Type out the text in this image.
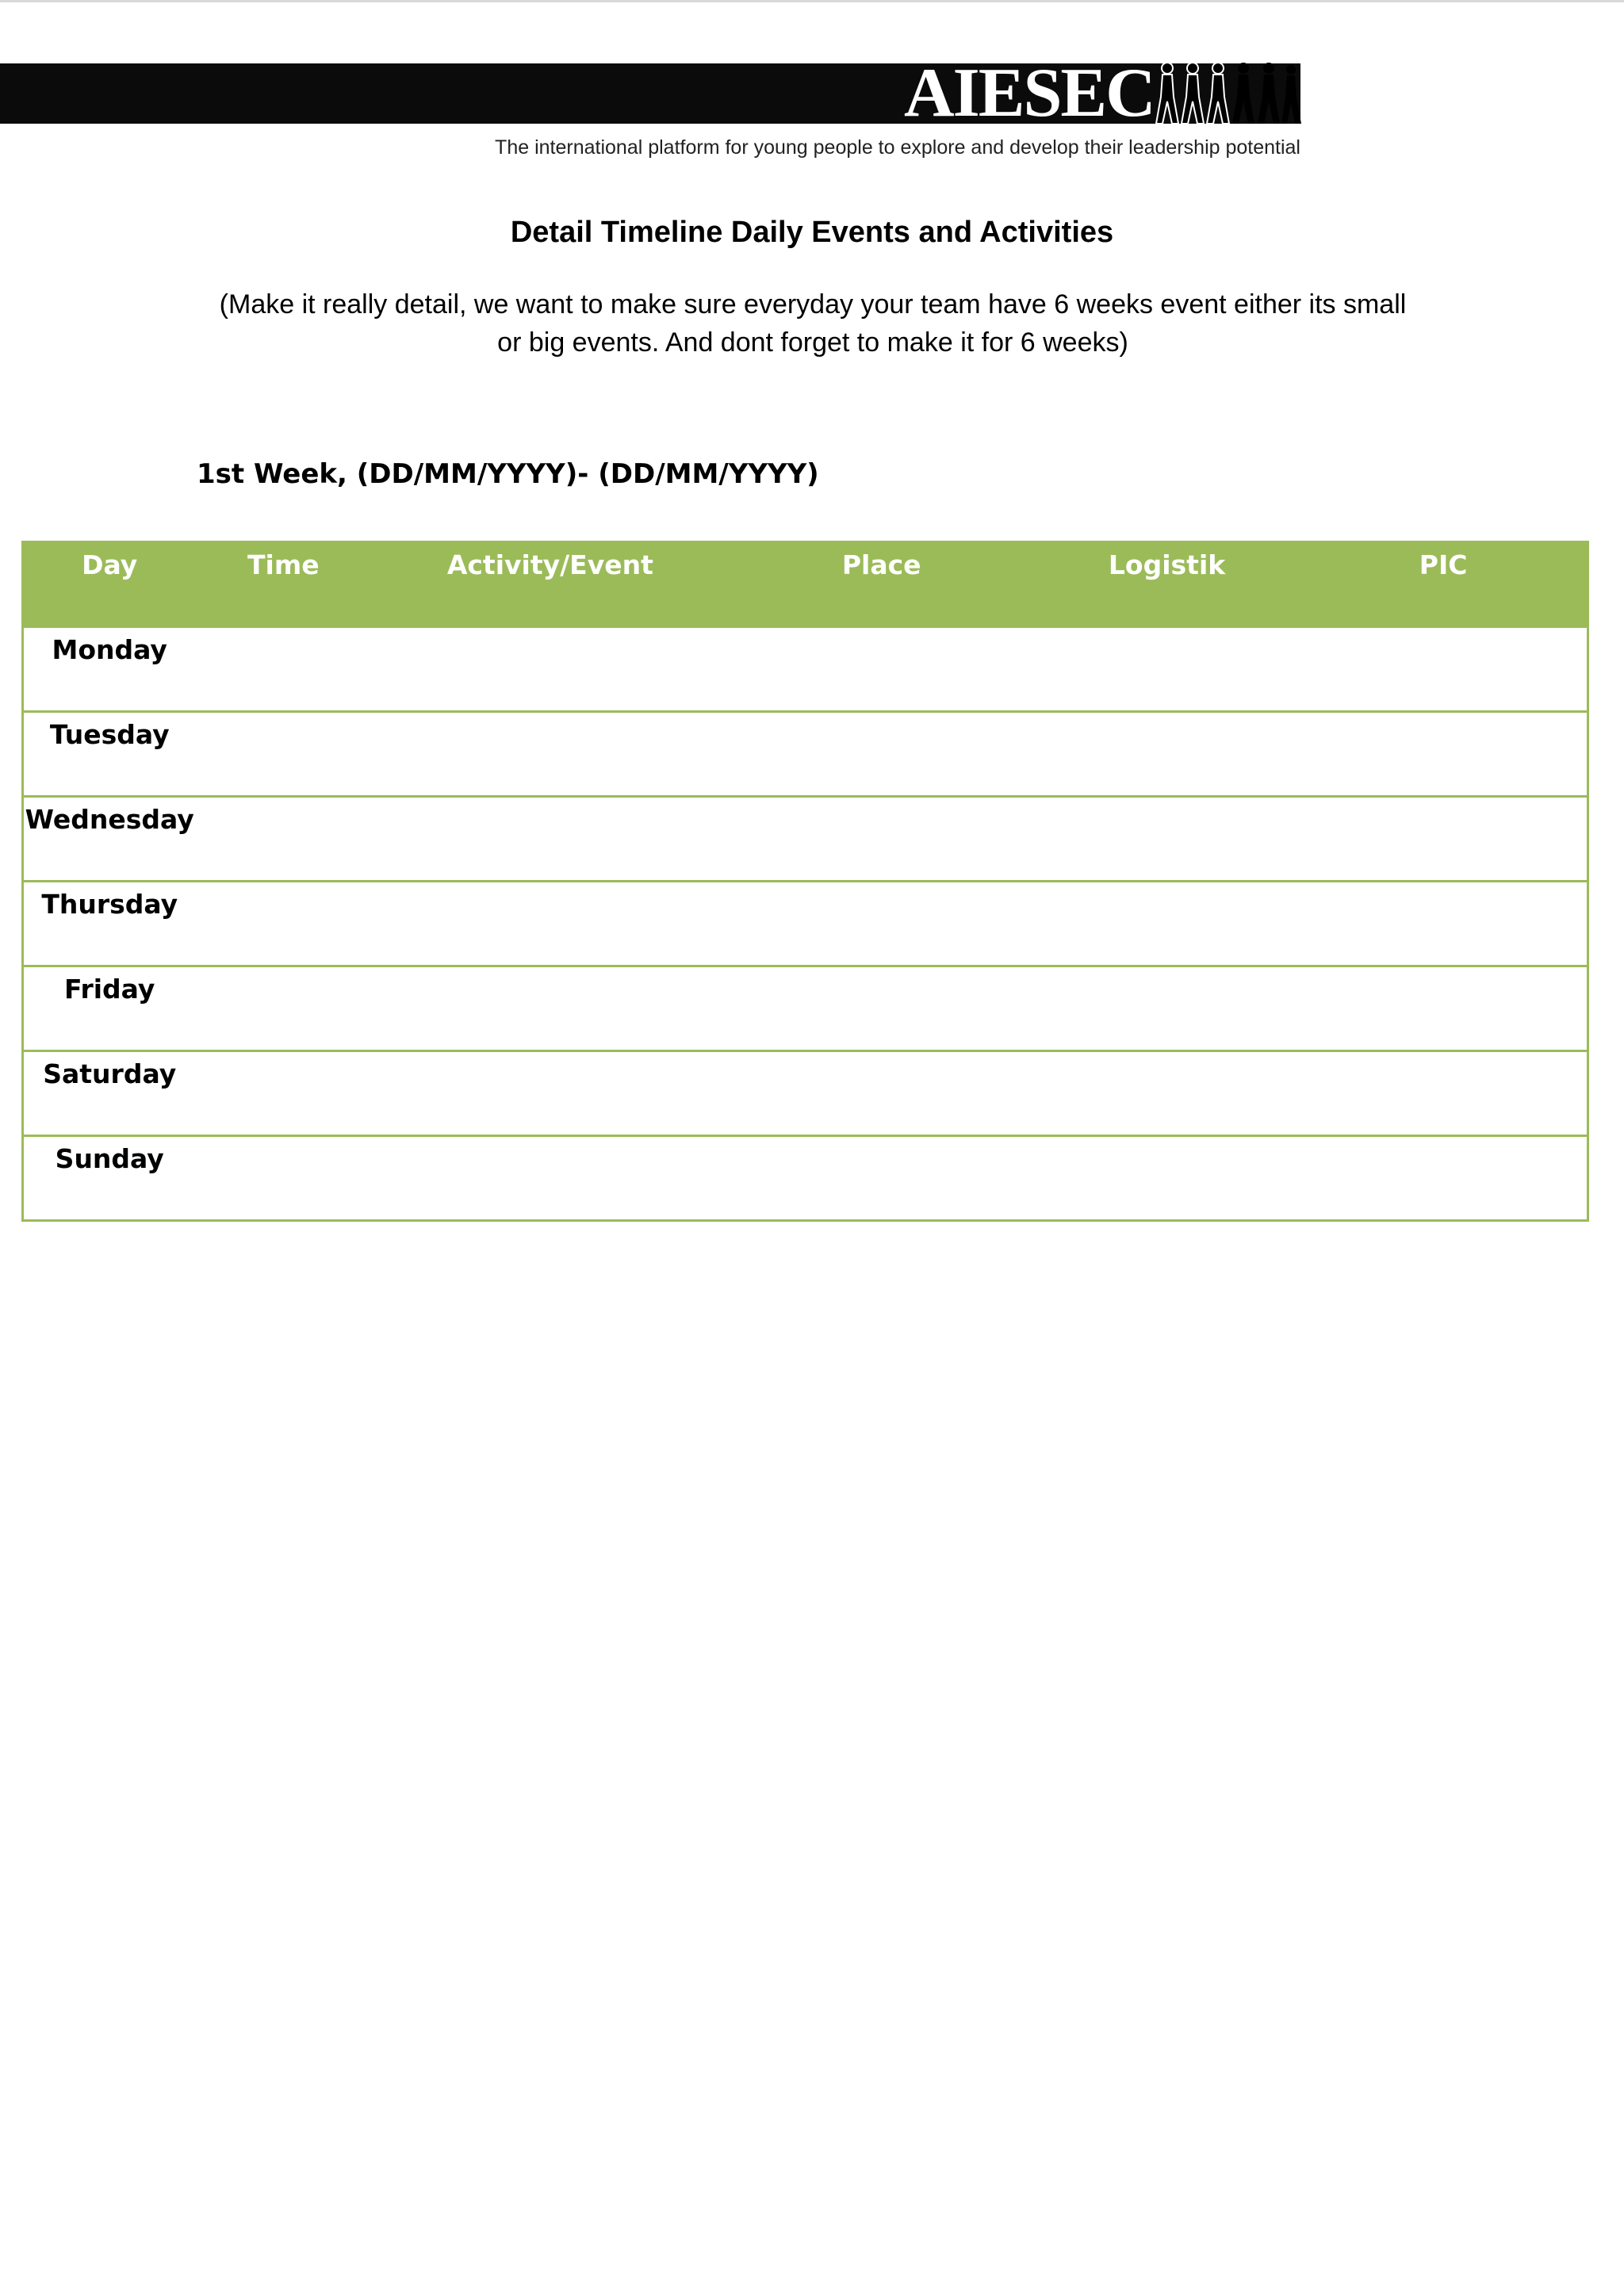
AIESEC
The international platform for young people to explore and develop their leadership potential
Detail Timeline Daily Events and Activities
(Make it really detail, we want to make sure everyday your team have 6 weeks event either its small or big events. And dont forget to make it for 6 weeks)
1st Week, (DD/MM/YYYY)- (DD/MM/YYYY)
Day	Time	Activity/Event	Place	Logistik	PIC
Monday					
Tuesday					
Wednesday					
Thursday					
Friday					
Saturday					
Sunday					
